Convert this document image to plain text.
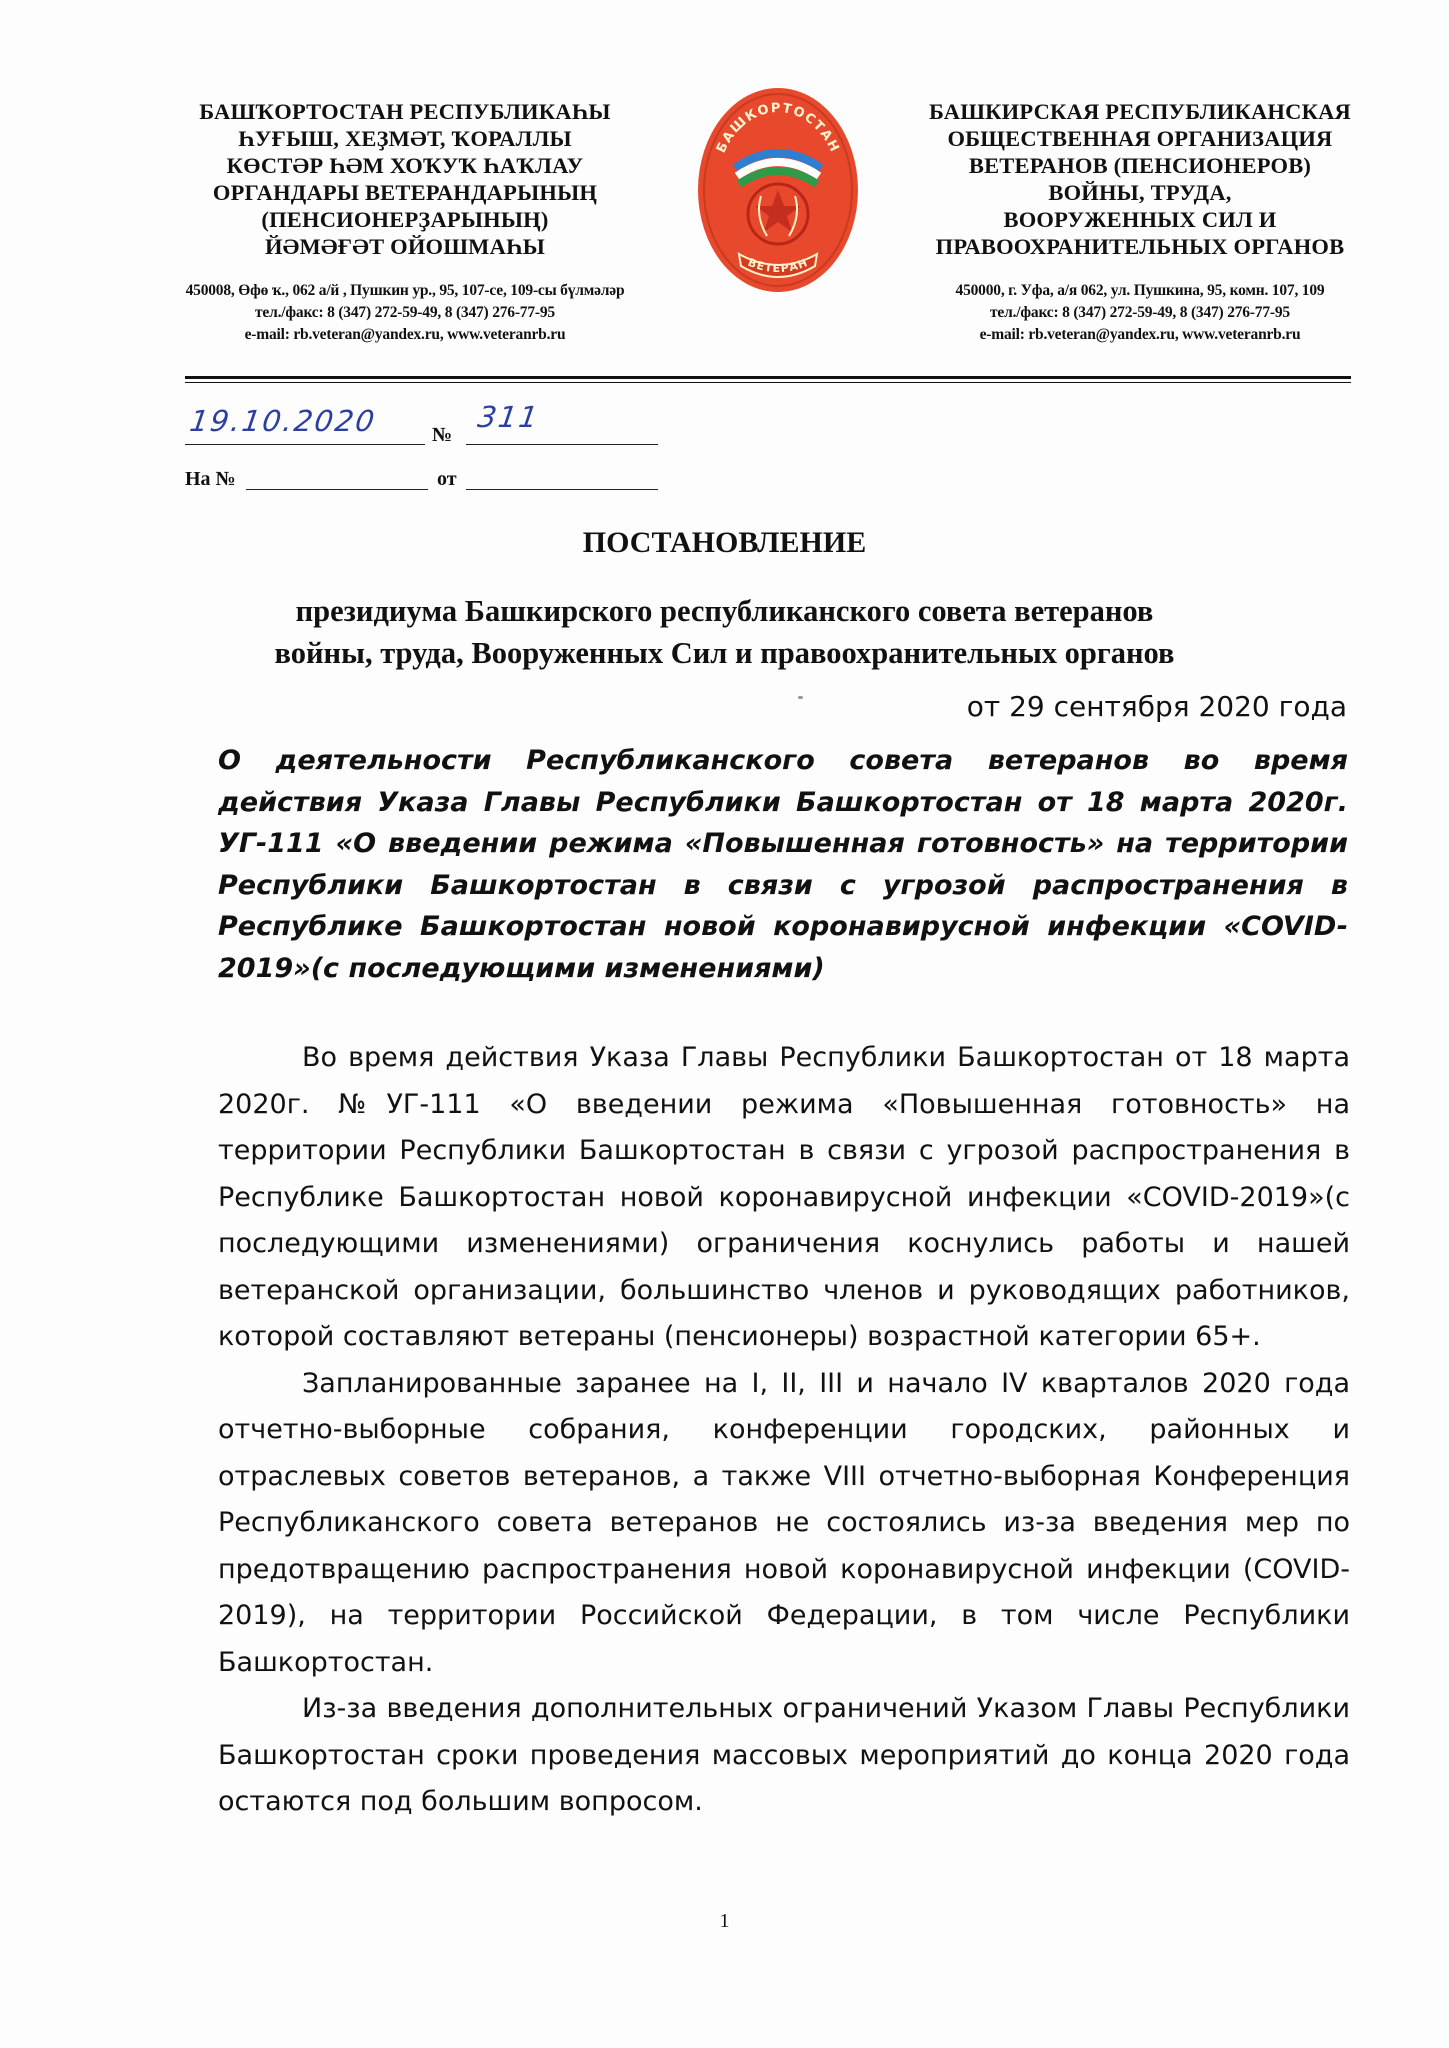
БАШҠОРТОСТАН РЕСПУБЛИКАҺЫ
ҺУҒЫШ, ХЕҘМӘТ, ҠОРАЛЛЫ
КӨСТӘР ҺӘМ ХОҠУҠ ҺАҠЛАУ
ОРГАНДАРЫ ВЕТЕРАНДАРЫНЫҢ
(ПЕНСИОНЕРҘАРЫНЫҢ)
ЙӘМӘҒӘТ ОЙОШМАҺЫ
450008, Өфө ҡ., 062 а/й , Пушкин ур., 95, 107-се, 109-сы бүлмәләр
тел./факс: 8 (347) 272-59-49, 8 (347) 276-77-95
e-mail: rb.veteran@yandex.ru, www.veteranrb.ru
БАШКОРТОСТАН
ВЕТЕРАН
БАШКИРСКАЯ РЕСПУБЛИКАНСКАЯ
ОБЩЕСТВЕННАЯ ОРГАНИЗАЦИЯ
ВЕТЕРАНОВ (ПЕНСИОНЕРОВ)
ВОЙНЫ, ТРУДА,
ВООРУЖЕННЫХ СИЛ И
ПРАВООХРАНИТЕЛЬНЫХ ОРГАНОВ
450000, г. Уфа, а/я 062, ул. Пушкина, 95, комн. 107, 109
тел./факс: 8 (347) 272-59-49, 8 (347) 276-77-95
e-mail: rb.veteran@yandex.ru, www.veteranrb.ru
19.10.2020	№
311
На №	от
ПОСТАНОВЛЕНИЕ
президиума Башкирского республиканского совета ветеранов
войны, труда, Вооруженных Сил и правоохранительных органов
от 29 сентября 2020 года
О деятельности Республиканского совета ветеранов во время действия Указа Главы Республики Башкортостан от 18 марта 2020г. УГ-111 «О введении режима «Повышенная готовность» на территории Республики Башкортостан в связи с угрозой распространения в Республике Башкортостан новой коронавирусной инфекции «COVID-2019»(с последующими изменениями)

Во время действия Указа Главы Республики Башкортостан от 18 марта 2020г. №УГ-111 «О введении режима «Повышенная готовность» на территории Республики Башкортостан в связи с угрозой распространения в Республике Башкортостан новой коронавирусной инфекции «COVID-2019»(с последующими изменениями) ограничения коснулись работы и нашей ветеранской организации, большинство членов и руководящих работников, которой составляют ветераны (пенсионеры) возрастной категории 65+.

Запланированные заранее на I, II, III и начало IV кварталов 2020 года отчетно-выборные собрания, конференции городских, районных и отраслевых советов ветеранов, а также VIII отчетно-выборная Конференция Республиканского совета ветеранов не состоялись из-за введения мер по предотвращению распространения новой коронавирусной инфекции (COVID-2019), на территории Российской Федерации, в том числе Республики Башкортостан.

Из-за введения дополнительных ограничений Указом Главы Республики Башкортостан сроки проведения массовых мероприятий до конца 2020 года остаются под большим вопросом.

1
